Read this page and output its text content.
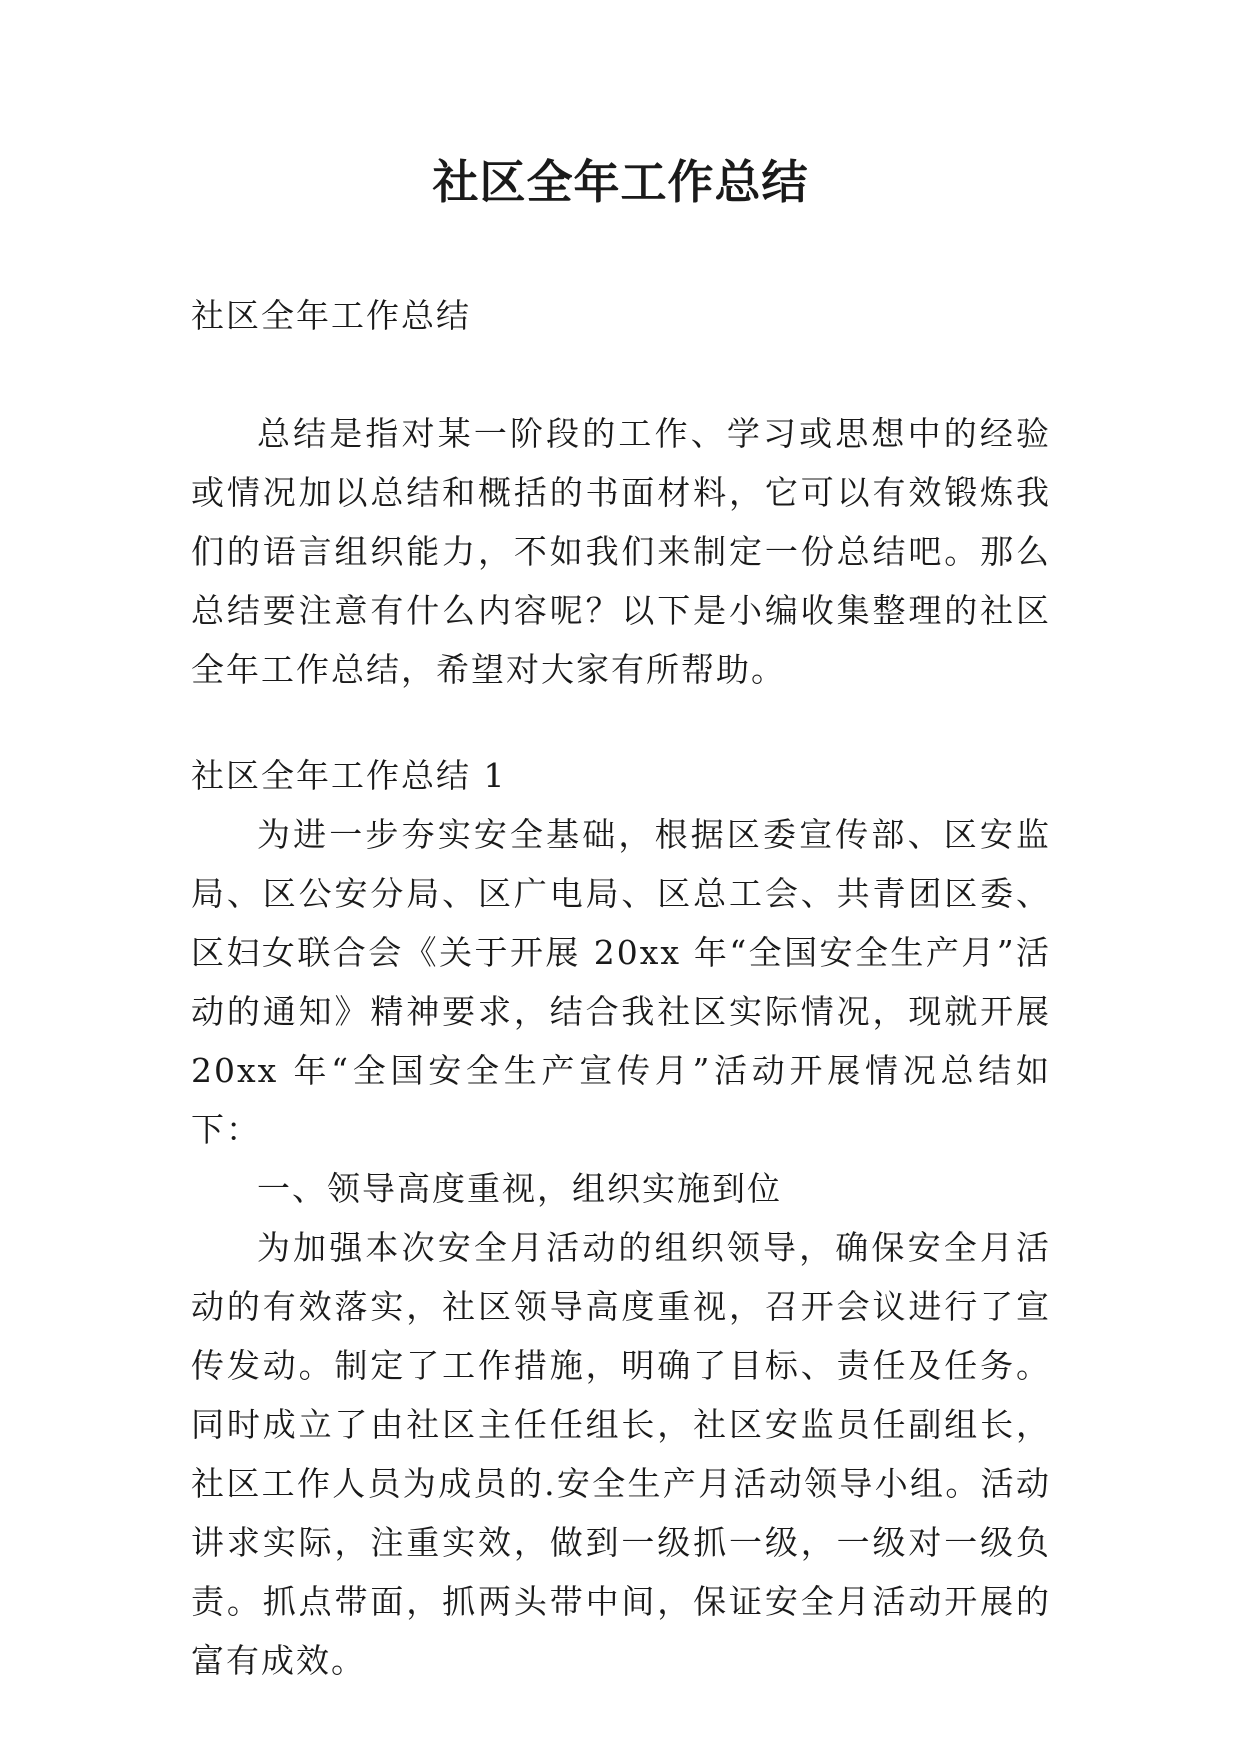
社区全年工作总结

社区全年工作总结

总结是指对某一阶段的工作、学习或思想中的经验或情况加以总结和概括的书面材料，它可以有效锻炼我们的语言组织能力，不如我们来制定一份总结吧。那么总结要注意有什么内容呢？以下是小编收集整理的社区全年工作总结，希望对大家有所帮助。

社区全年工作总结 1

为进一步夯实安全基础，根据区委宣传部、区安监局、区公安分局、区广电局、区总工会、共青团区委、区妇女联合会《关于开展 20xx 年“全国安全生产月”活动的通知》精神要求，结合我社区实际情况，现就开展 20xx 年“全国安全生产宣传月”活动开展情况总结如下：

一、领导高度重视，组织实施到位

为加强本次安全月活动的组织领导，确保安全月活动的有效落实，社区领导高度重视，召开会议进行了宣传发动。制定了工作措施，明确了目标、责任及任务。同时成立了由社区主任任组长，社区安监员任副组长，社区工作人员为成员的.安全生产月活动领导小组。活动讲求实际，注重实效，做到一级抓一级，一级对一级负责。抓点带面，抓两头带中间，保证安全月活动开展的富有成效。
